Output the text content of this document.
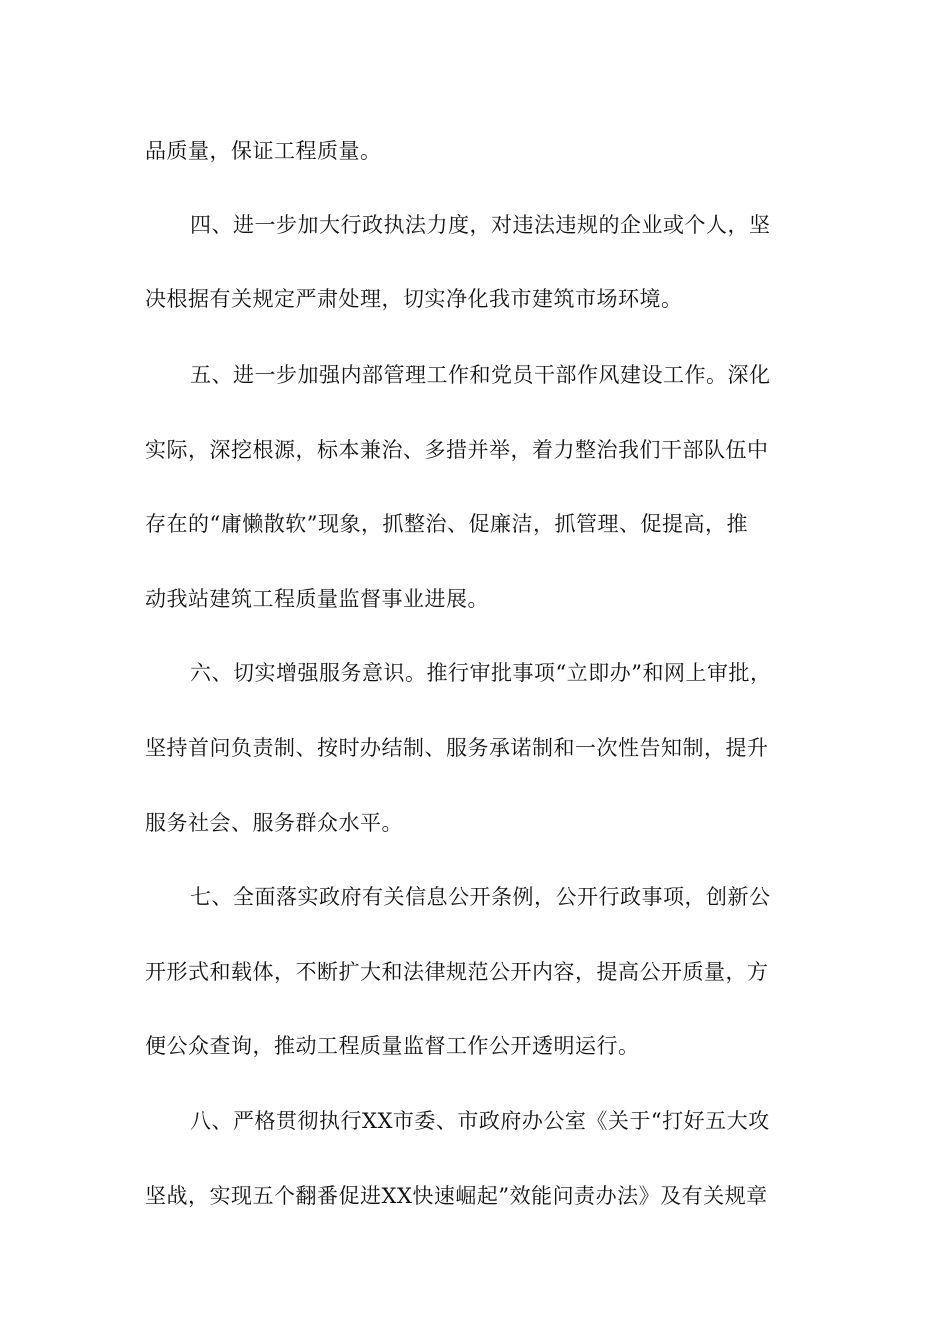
品质量，保证工程质量。
四、进一步加大行政执法力度，对违法违规的企业或个人，坚
决根据有关规定严肃处理，切实净化我市建筑市场环境。
五、进一步加强内部管理工作和党员干部作风建设工作。深化
实际，深挖根源，标本兼治、多措并举，着力整治我们干部队伍中
存在的“庸懒散软”现象，抓整治、促廉洁，抓管理、促提高，推
动我站建筑工程质量监督事业进展。
六、切实增强服务意识。推行审批事项“立即办”和网上审批，
坚持首问负责制、按时办结制、服务承诺制和一次性告知制，提升
服务社会、服务群众水平。
七、全面落实政府有关信息公开条例，公开行政事项，创新公
开形式和载体，不断扩大和法律规范公开内容，提高公开质量，方
便公众查询，推动工程质量监督工作公开透明运行。
八、严格贯彻执行XX市委、市政府办公室《关于“打好五大攻
坚战，实现五个翻番促进XX快速崛起”效能问责办法》及有关规章
